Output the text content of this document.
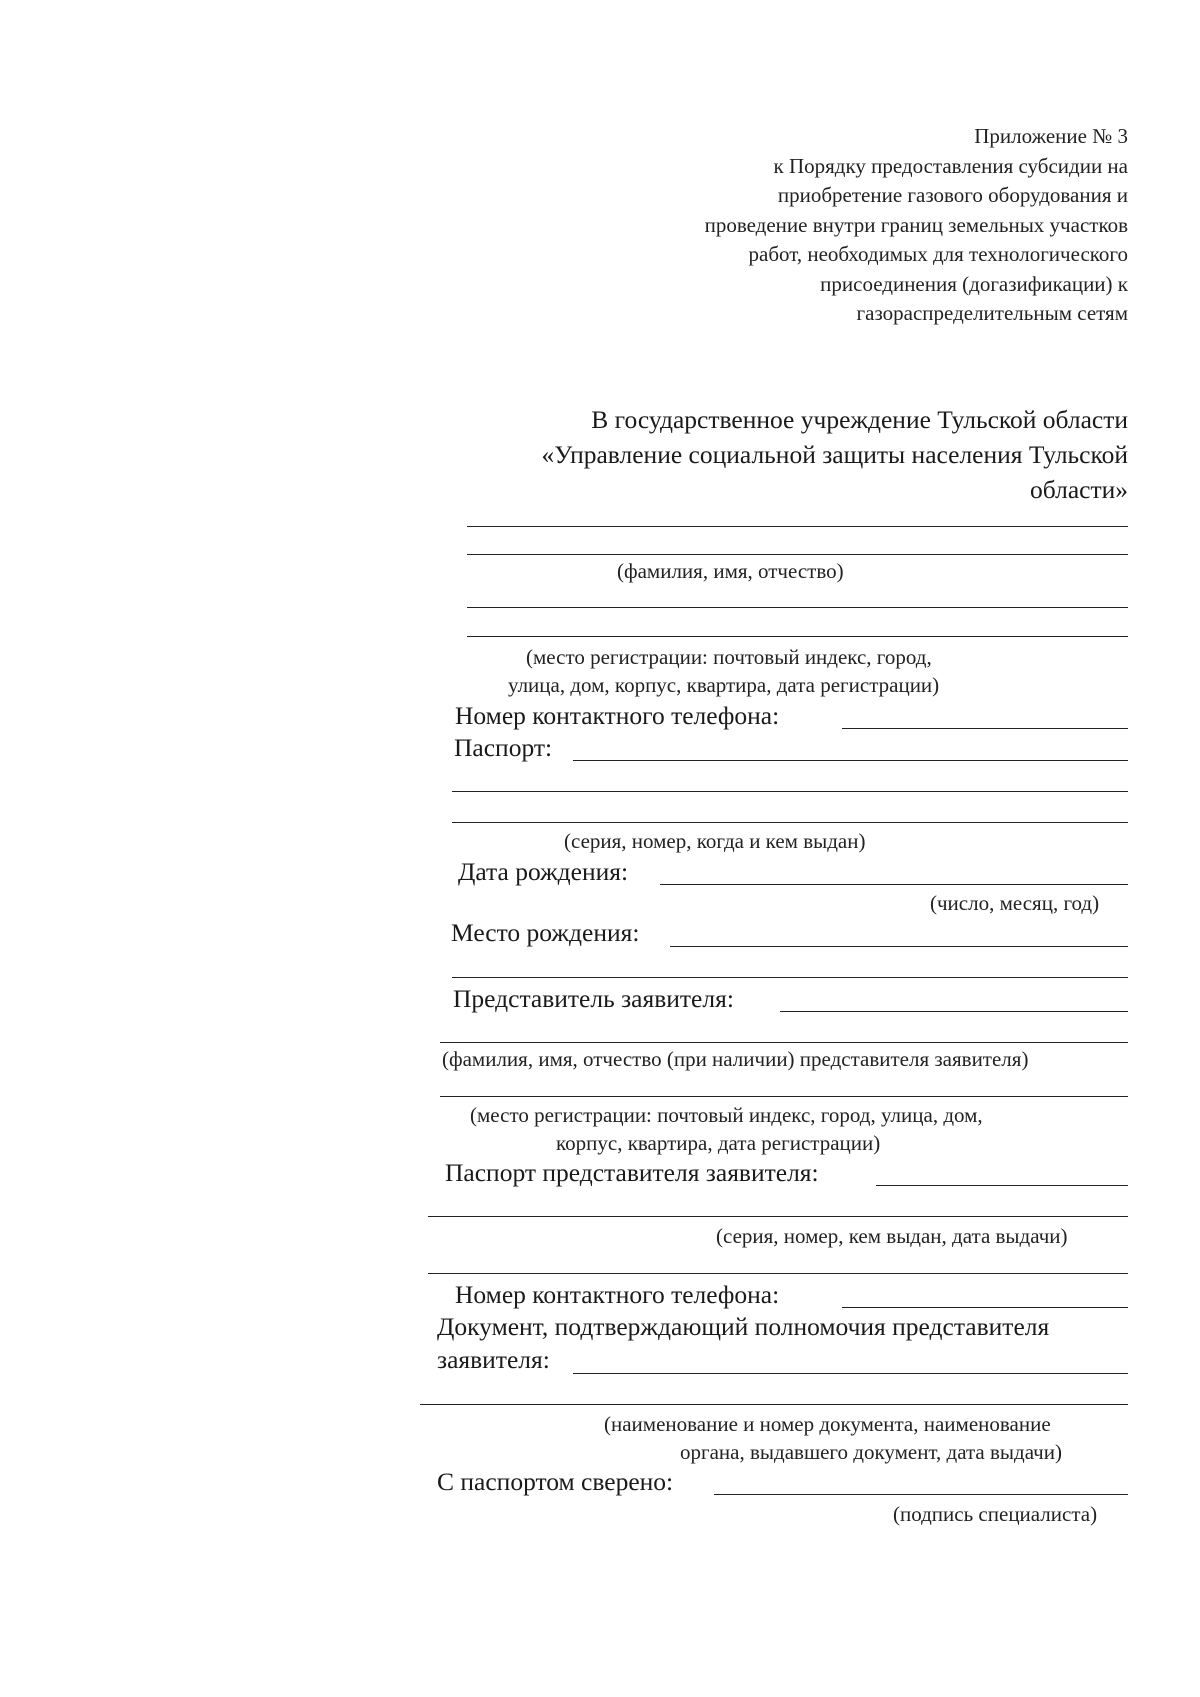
Приложение № 3
к Порядку предоставления субсидии на
приобретение газового оборудования и
проведение внутри границ земельных участков
работ, необходимых для технологического
присоединения (догазификации) к
газораспределительным сетям
В государственное учреждение Тульской области
«Управление социальной защиты населения Тульской
области»
(фамилия, имя, отчество)
(место регистрации: почтовый индекс, город,
улица, дом, корпус, квартира, дата регистрации)
Номер контактного телефона:
Паспорт:
(серия, номер, когда и кем выдан)
Дата рождения:
(число, месяц, год)
Место рождения:
Представитель заявителя:
(фамилия, имя, отчество (при наличии) представителя заявителя)
(место регистрации: почтовый индекс, город, улица, дом,
корпус, квартира, дата регистрации)
Паспорт представителя заявителя:
(серия, номер, кем выдан, дата выдачи)
Номер контактного телефона:
Документ, подтверждающий полномочия представителя
заявителя:
(наименование и номер документа, наименование
органа, выдавшего документ, дата выдачи)
С паспортом сверено:
(подпись специалиста)
